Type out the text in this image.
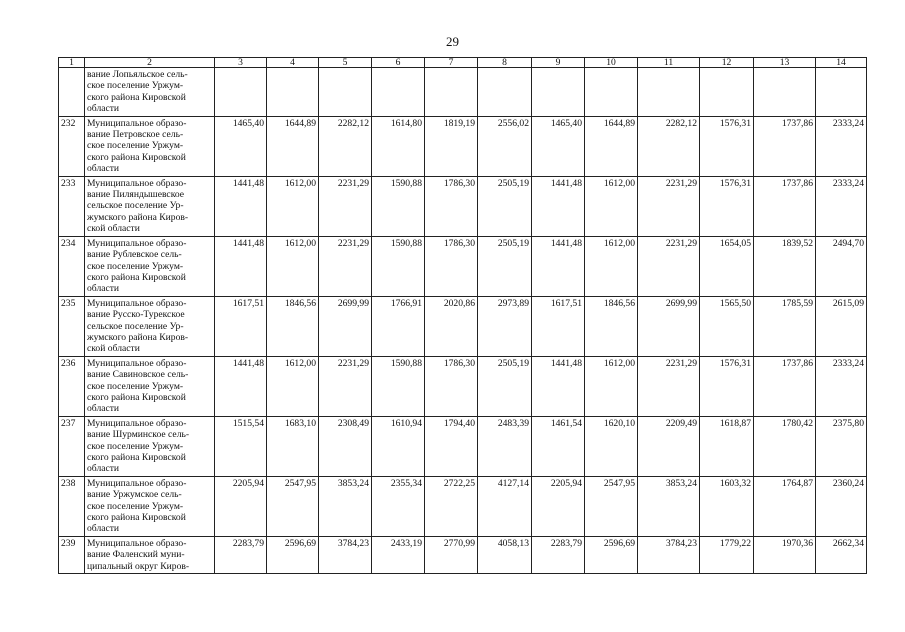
29
1	2	3	4	5	6	7	8	9	10	11	12	13	14
	вание Лопьяльское сель-
ское поселение Уржум-
ского района Кировской
области												
232	Муниципальное образо-
вание Петровское сель-
ское поселение Уржум-
ского района Кировской
области	1465,40	1644,89	2282,12	1614,80	1819,19	2556,02	1465,40	1644,89	2282,12	1576,31	1737,86	2333,24
233	Муниципальное образо-
вание Пиляндышевское
сельское поселение Ур-
жумского района Киров-
ской области	1441,48	1612,00	2231,29	1590,88	1786,30	2505,19	1441,48	1612,00	2231,29	1576,31	1737,86	2333,24
234	Муниципальное образо-
вание Рублевское сель-
ское поселение Уржум-
ского района Кировской
области	1441,48	1612,00	2231,29	1590,88	1786,30	2505,19	1441,48	1612,00	2231,29	1654,05	1839,52	2494,70
235	Муниципальное образо-
вание Русско-Турекское
сельское поселение Ур-
жумского района Киров-
ской области	1617,51	1846,56	2699,99	1766,91	2020,86	2973,89	1617,51	1846,56	2699,99	1565,50	1785,59	2615,09
236	Муниципальное образо-
вание Савиновское сель-
ское поселение Уржум-
ского района Кировской
области	1441,48	1612,00	2231,29	1590,88	1786,30	2505,19	1441,48	1612,00	2231,29	1576,31	1737,86	2333,24
237	Муниципальное образо-
вание Шурминское сель-
ское поселение Уржум-
ского района Кировской
области	1515,54	1683,10	2308,49	1610,94	1794,40	2483,39	1461,54	1620,10	2209,49	1618,87	1780,42	2375,80
238	Муниципальное образо-
вание Уржумское сель-
ское поселение Уржум-
ского района Кировской
области	2205,94	2547,95	3853,24	2355,34	2722,25	4127,14	2205,94	2547,95	3853,24	1603,32	1764,87	2360,24
239	Муниципальное образо-
вание Фаленский муни-
ципальный округ Киров-	2283,79	2596,69	3784,23	2433,19	2770,99	4058,13	2283,79	2596,69	3784,23	1779,22	1970,36	2662,34
